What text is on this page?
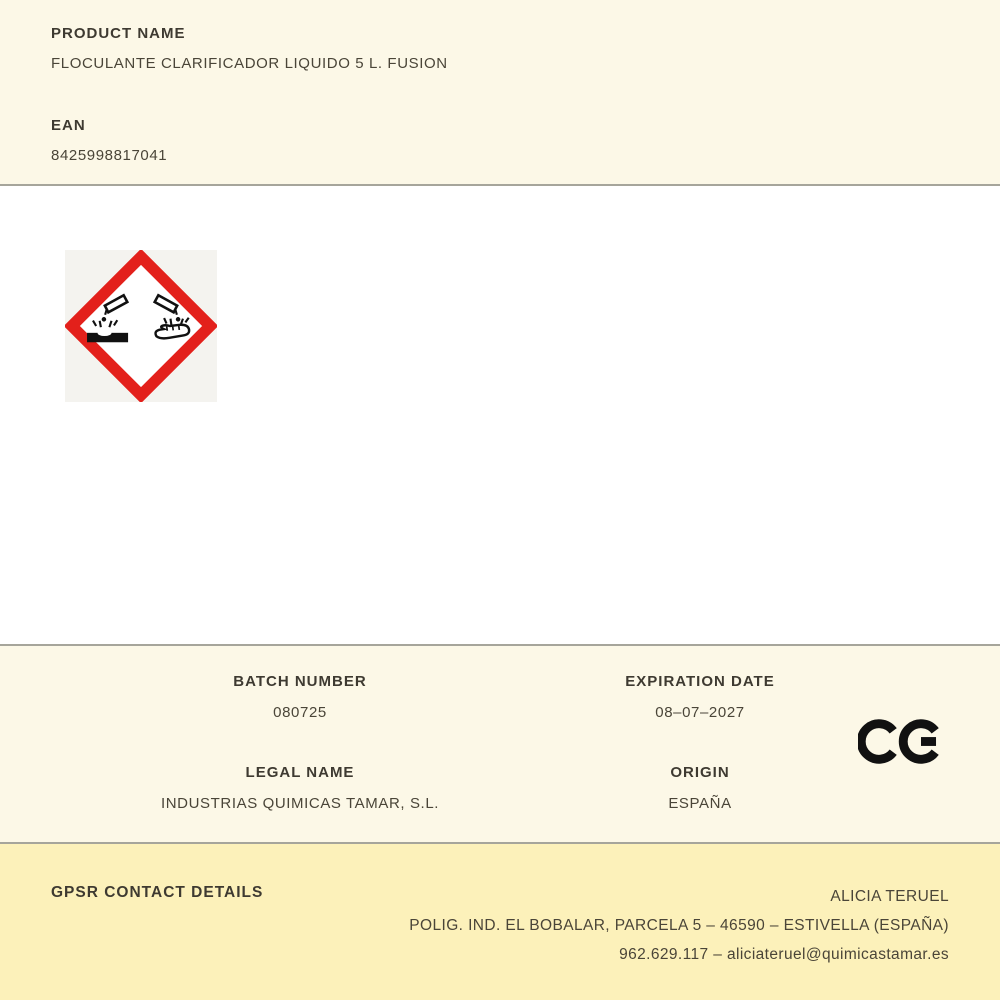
PRODUCT NAME
FLOCULANTE CLARIFICADOR LIQUIDO 5 L. FUSION
EAN
8425998817041
BATCH NUMBER
080725
LEGAL NAME
INDUSTRIAS QUIMICAS TAMAR, S.L.
EXPIRATION DATE
08–07–2027
ORIGIN
ESPAÑA
GPSR CONTACT DETAILS	ALICIA TERUEL
POLIG. IND. EL BOBALAR, PARCELA 5 – 46590 – ESTIVELLA (ESPAÑA)
962.629.117 – aliciateruel@quimicastamar.es
